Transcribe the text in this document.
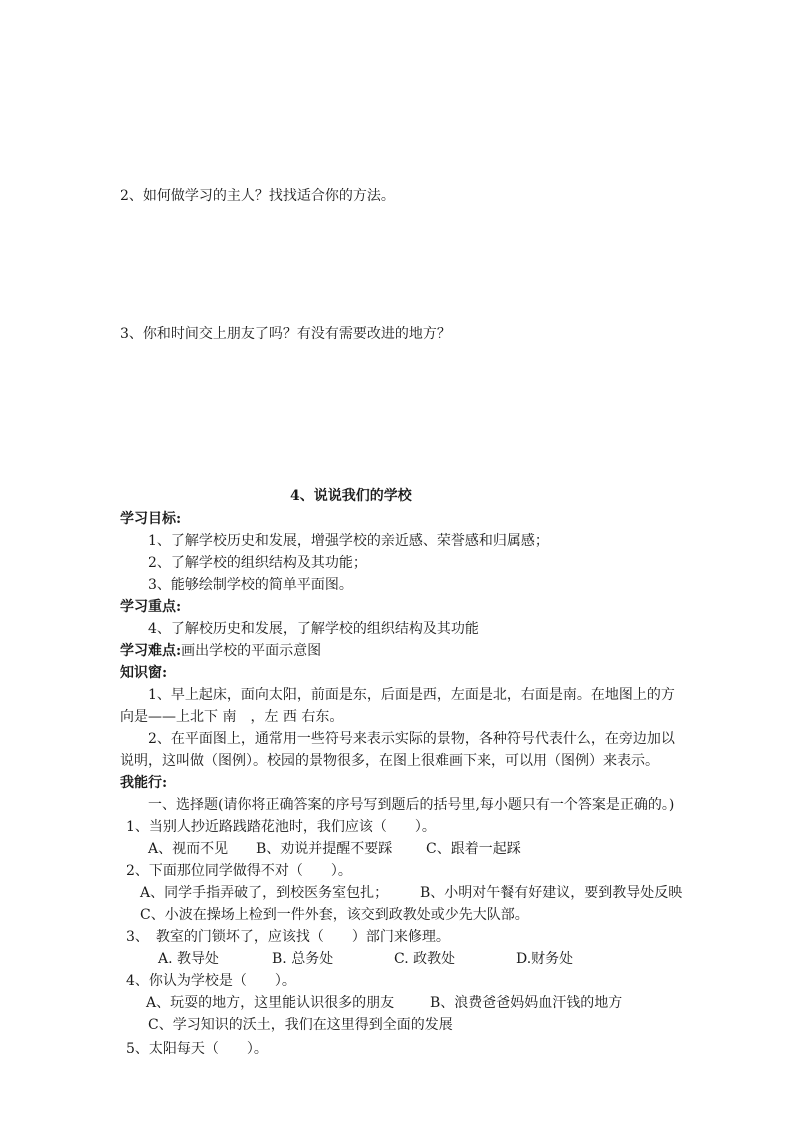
2、如何做学习的主人？找找适合你的方法。
3、你和时间交上朋友了吗？有没有需要改进的地方？
4、说说我们的学校
学习目标:
1、了解学校历史和发展，增强学校的亲近感、荣誉感和归属感；
2、了解学校的组织结构及其功能；
3、能够绘制学校的简单平面图。
学习重点:
4、了解校历史和发展，了解学校的组织结构及其功能
学习难点:画出学校的平面示意图
知识窗:
1、早上起床，面向太阳，前面是东，后面是西，左面是北，右面是南。在地图上的方
向是——上北下 南　，左 西 右东。
2、在平面图上，通常用一些符号来表示实际的景物，各种符号代表什么，在旁边加以
说明，这叫做（图例）。校园的景物很多，在图上很难画下来，可以用（图例）来表示。
我能行:
一、选择题(请你将正确答案的序号写到题后的括号里,每小题只有一个答案是正确的。)
1、当别人抄近路践踏花池时，我们应该（　　）。
A、视而不见 B、劝说并提醒不要踩 C、跟着一起踩
2、下面那位同学做得不对（　　）。
A、同学手指弄破了，到校医务室包扎； B、小明对午餐有好建议，要到教导处反映
C、小波在操场上检到一件外套，该交到政教处或少先大队部。
3、　教室的门锁坏了，应该找（　　）部门来修理。
A. 教导处	B. 总务处	C. 政教处	D.财务处
4、你认为学校是（　　）。
A、玩耍的地方，这里能认识很多的朋友	B、浪费爸爸妈妈血汗钱的地方
C、学习知识的沃土，我们在这里得到全面的发展
5、太阳每天（　　）。
